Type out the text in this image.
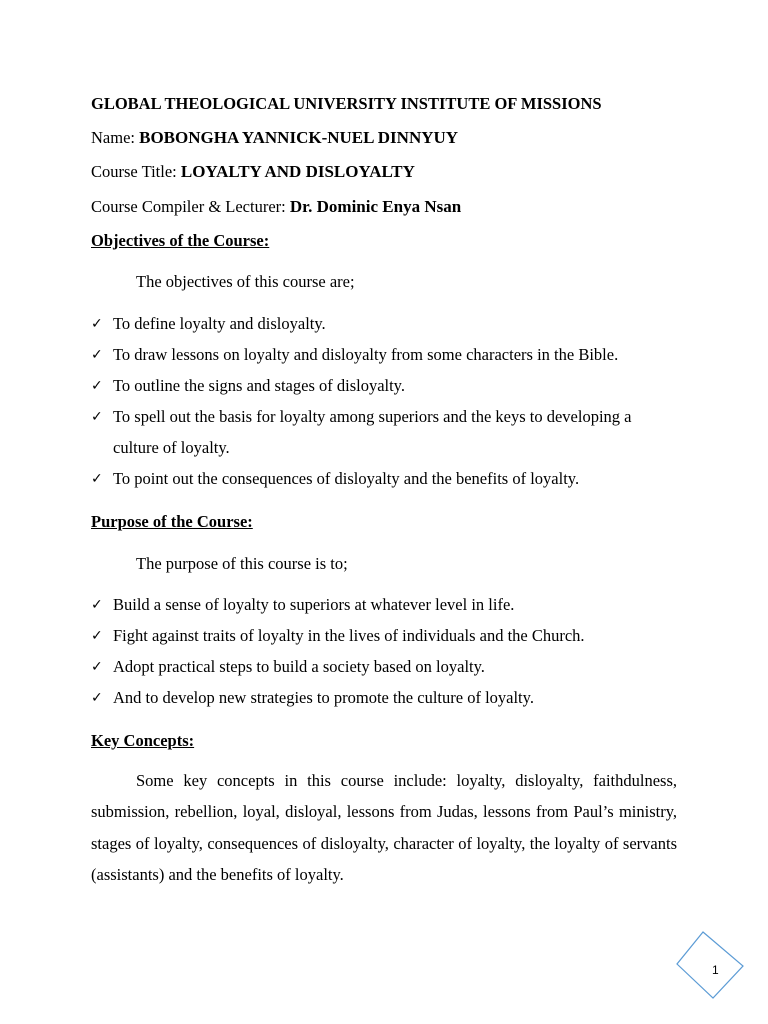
GLOBAL THEOLOGICAL UNIVERSITY INSTITUTE OF MISSIONS
Name: BOBONGHA YANNICK-NUEL DINNYUY
Course Title: LOYALTY AND DISLOYALTY
Course Compiler & Lecturer: Dr. Dominic Enya Nsan
Objectives of the Course:
The objectives of this course are;
✓ To define loyalty and disloyalty.
✓ To draw lessons on loyalty and disloyalty from some characters in the Bible.
✓ To outline the signs and stages of disloyalty.
✓ To spell out the basis for loyalty among superiors and the keys to developing a
culture of loyalty.
✓ To point out the consequences of disloyalty and the benefits of loyalty.
Purpose of the Course:
The purpose of this course is to;
✓ Build a sense of loyalty to superiors at whatever level in life.
✓ Fight against traits of loyalty in the lives of individuals and the Church.
✓ Adopt practical steps to build a society based on loyalty.
✓ And to develop new strategies to promote the culture of loyalty.
Key Concepts:
Some key concepts in this course include: loyalty, disloyalty, faithdulness, submission, rebellion, loyal, disloyal, lessons from Judas, lessons from Paul’s ministry, stages of loyalty, consequences of disloyalty, character of loyalty, the loyalty of servants (assistants) and the benefits of loyalty.
1
